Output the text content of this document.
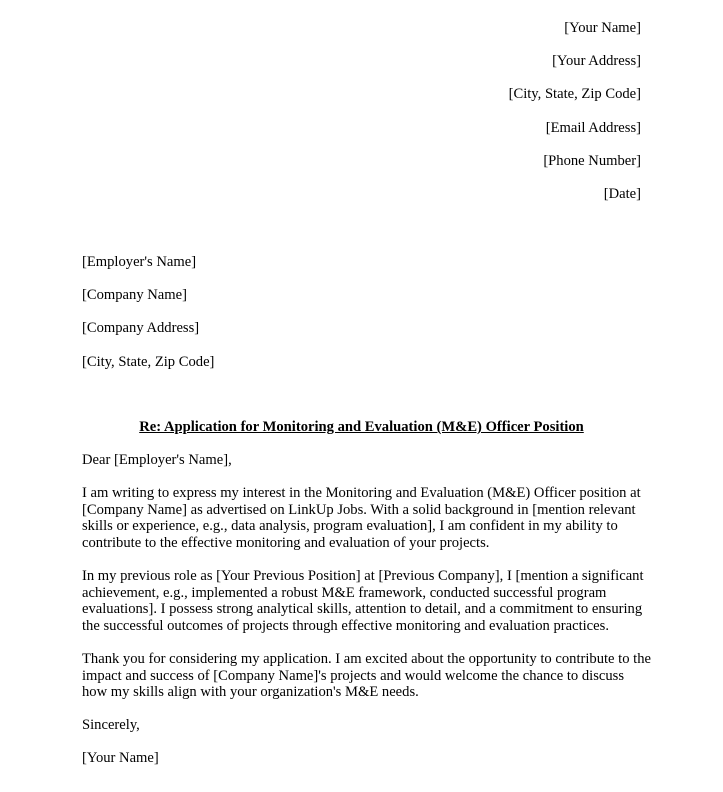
[Your Name]
[Your Address]
[City, State, Zip Code]
[Email Address]
[Phone Number]
[Date]
[Employer's Name]
[Company Name]
[Company Address]
[City, State, Zip Code]
Re: Application for Monitoring and Evaluation (M&E) Officer Position
Dear [Employer's Name],
I am writing to express my interest in the Monitoring and Evaluation (M&E) Officer position at
[Company Name] as advertised on LinkUp Jobs. With a solid background in [mention relevant
skills or experience, e.g., data analysis, program evaluation], I am confident in my ability to
contribute to the effective monitoring and evaluation of your projects.
In my previous role as [Your Previous Position] at [Previous Company], I [mention a significant
achievement, e.g., implemented a robust M&E framework, conducted successful program
evaluations]. I possess strong analytical skills, attention to detail, and a commitment to ensuring
the successful outcomes of projects through effective monitoring and evaluation practices.
Thank you for considering my application. I am excited about the opportunity to contribute to the
impact and success of [Company Name]'s projects and would welcome the chance to discuss
how my skills align with your organization's M&E needs.
Sincerely,
[Your Name]
